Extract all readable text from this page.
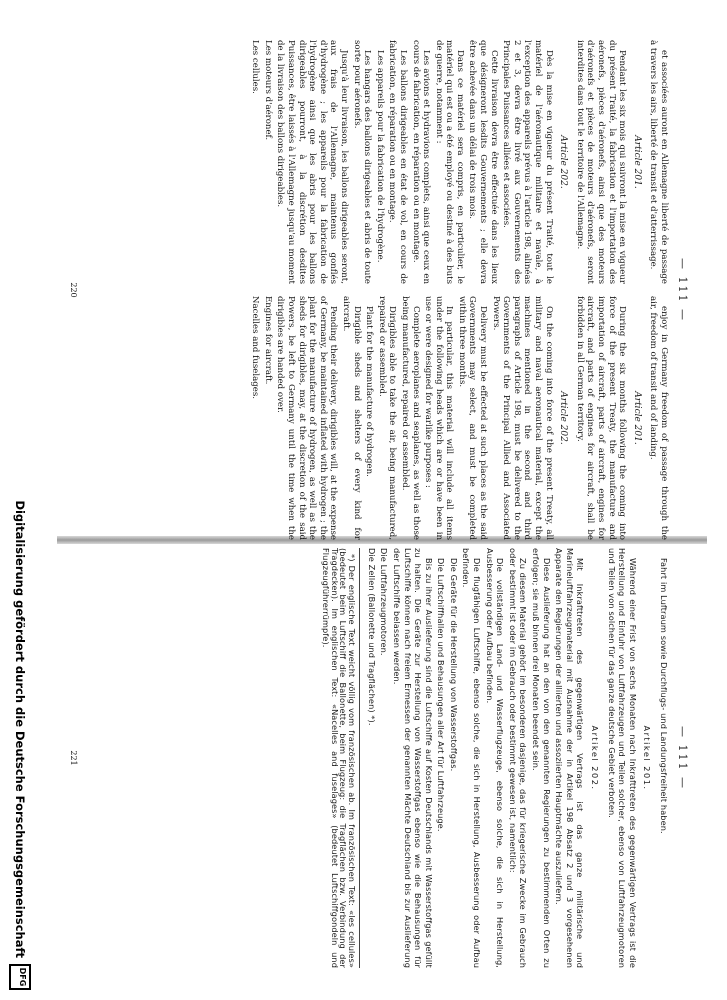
— 111 —

et associées auront en Allemagne liberté de passage à travers les airs, liberté de transit et d'atterrissage.

Article 201.

Pendant les six mois qui suivront la mise en vigueur du présent Traité, la fabrication et l'importation des aéronefs, pièces d'aéronefs, ainsi que des moteurs d'aéronefs et pièces de moteurs d'aéronefs, seront interdites dans tout le territoire de l'Allemagne.

Article 202.

Dès la mise en vigueur du présent Traité, tout le matériel de l'aéronautique militaire et navale, à l'exception des appareils prévus à l'article 198, alinéas 2 et 3, devra être livré aux Gouvernements des Principales Puissances alliées et associées.

Cette livraison devra être effectuée dans les lieux que désigneront lesdits Gouvernements ; elle devra être achevée dans un délai de trois mois.

Dans ce matériel sera compris, en particulier, le matériel qui est ou a été employé ou destiné à des buts de guerre, notamment :

Les avions et hydravions complets, ainsi que ceux en cours de fabrication, en réparation ou en montage.

Les ballons dirigeables en état de vol, en cours de fabrication, en réparation ou en montage.

Les appareils pour la fabrication de l'hydrogène.

Les hangars des ballons dirigeables et abris de toute sorte pour aéronefs.

Jusqu'à leur livraison, les ballons dirigeables seront, aux frais de l'Allemagne, maintenus gonflés d'hydrogène ; les appareils pour la fabrication de l'hydrogène ainsi que les abris pour les ballons dirigeables pourront, à la discrétion desdites Puissances, être laissés à l'Allemagne jusqu'au moment de la livraison des ballons dirigeables.

Les moteurs d'aéronef.

Les cellules.

enjoy in Germany freedom of passage through the air, freedom of transit and of landing.

Article 201.

During the six months following the coming into force of the present Treaty, the manufacture and importation of aircraft, parts of aircraft, engines for aircraft, and parts of engines for aircraft, shall be forbidden in all German territory.

Article 202.

On the coming into force of the present Treaty, all military and naval aeronautical material, except the machines mentioned in the second and third paragraphs of Article 198, must be delivered to the Governments of the Principal Allied and Associated Powers.

Delivery must be effected at such places as the said Governments may select, and must be completed within three months.

In particular, this material will include all items under the following heads which are or have been in use or were designed for warlike purposes :

Complete aeroplanes and seaplanes, as well as those being manufactured, repaired or assembled.

Dirigibles able to take the air, being manufactured, repaired or assembled.

Plant for the manufacture of hydrogen.

Dirigible sheds and shelters of every kind for aircraft.

Pending their delivery, dirigibles will, at the expense of Germany, be maintained inflated with hydrogen ; the plant for the manufacture of hydrogen, as well as the sheds for dirigibles, may, at the discretion of the said Powers, be left to Germany until the time when the dirigibles are handed over.

Engines for aircraft.

Nacelles and fuselages.

220
— 111 —

Fahrt im Luftraum sowie Durchflugs- und Landungsfreiheit haben.

Artikel 201.

Während einer Frist von sechs Monaten nach Inkrafttreten des gegenwärtigen Vertrags ist die Herstellung und Einfuhr von Luftfahrzeugen und Teilen solcher, ebenso von Luftfahrzeugmotoren und Teilen von solchen für das ganze deutsche Gebiet verboten.

Artikel 202.

Mit Inkrafttreten des gegenwärtigen Vertrags ist das ganze militärische und Marineluftfahrzeugmaterial mit Ausnahme der in Artikel 198 Absatz 2 und 3 vorgesehenen Apparate den Regierungen der alliierten und assoziierten Hauptmächte auszuliefern.

Diese Auslieferung hat an den von den genannten Regierungen zu bestimmenden Orten zu erfolgen; sie muß binnen drei Monaten beendet sein.

Zu diesem Material gehört im besonderen dasjenige, das für kriegerische Zwecke im Gebrauch oder bestimmt ist oder im Gebrauch oder bestimmt gewesen ist, namentlich:

Die vollständigen Land- und Wasserflugzeuge, ebenso solche, die sich in Herstellung, Ausbesserung oder Aufbau befinden.

Die flugfähigen Luftschiffe, ebenso solche, die sich in Herstellung, Ausbesserung oder Aufbau befinden.

Die Geräte für die Herstellung von Wasserstoffgas.

Die Luftschiffhallen und Behausungen aller Art für Luftfahrzeuge.

Bis zu ihrer Auslieferung sind die Luftschiffe auf Kosten Deutschlands mit Wasserstoffgas gefüllt zu halten. Die Geräte zur Herstellung von Wasserstoffgas ebenso wie die Behausungen für Luftschiffe können nach freiem Ermessen der genannten Mächte Deutschland bis zur Auslieferung der Luftschiffe belassen werden.

Die Luftfahrzeugmotoren.

Die Zellen (Ballonette und Tragflächen) *).

*) Der englische Text weicht völlig vom französischen ab. Im französischen Text: «les cellules» (bedeutet beim Luftschiff die Ballonette, beim Flugzeug: die Tragflächen bzw. Verbindung der Tragdecken). Im englischen Text: «Nacelles and fuselages» (bedeutet Luftschiffgondeln und Flugzeugführerrümpfe).

221
Digitalisierung gefördert durch die Deutsche Forschungsgemeinschaft
DFG
